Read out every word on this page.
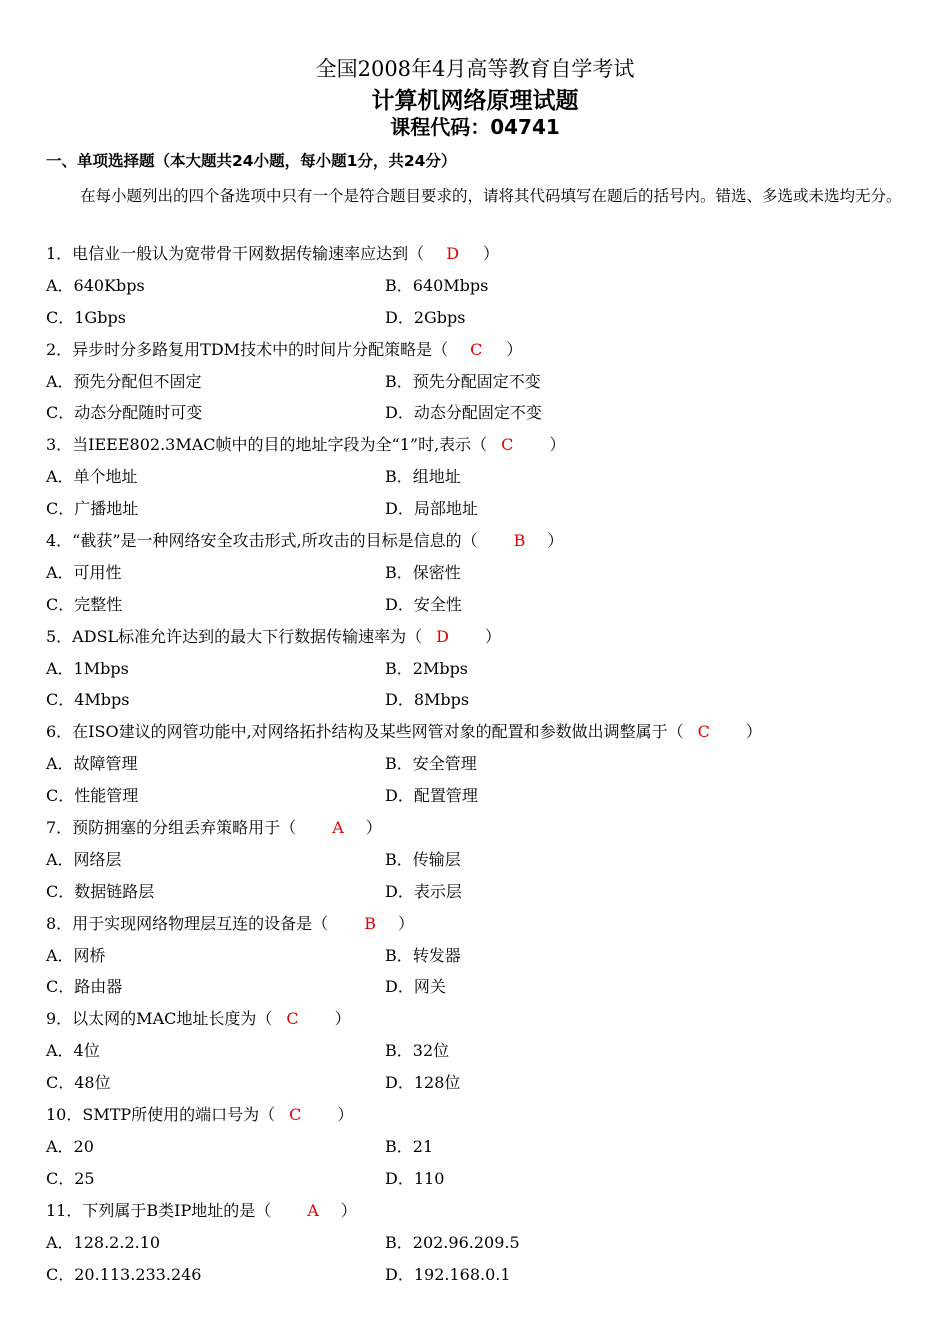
全国2008年4月高等教育自学考试
计算机网络原理试题
课程代码：04741
一、单项选择题（本大题共24小题，每小题1分，共24分）
在每小题列出的四个备选项中只有一个是符合题目要求的，请将其代码填写在题后的括号内。错选、多选或未选均无分。
1．电信业一般认为宽带骨干网数据传输速率应达到（ D ）
A．640Kbps	B．640Mbps
C．1Gbps	D．2Gbps
2．异步时分多路复用TDM技术中的时间片分配策略是（ C ）
A．预先分配但不固定	B．预先分配固定不变
C．动态分配随时可变	D．动态分配固定不变
3．当IEEE802.3MAC帧中的目的地址字段为全“1”时,表示（ C ）
A．单个地址	B．组地址
C．广播地址	D．局部地址
4．“截获”是一种网络安全攻击形式,所攻击的目标是信息的（ B ）
A．可用性	B．保密性
C．完整性	D．安全性
5．ADSL标准允许达到的最大下行数据传输速率为（ D ）
A．1Mbps	B．2Mbps
C．4Mbps	D．8Mbps
6．在ISO建议的网管功能中,对网络拓扑结构及某些网管对象的配置和参数做出调整属于（ C ）
A．故障管理	B．安全管理
C．性能管理	D．配置管理
7．预防拥塞的分组丢弃策略用于（ A ）
A．网络层	B．传输层
C．数据链路层	D．表示层
8．用于实现网络物理层互连的设备是（ B ）
A．网桥	B．转发器
C．路由器	D．网关
9．以太网的MAC地址长度为（ C ）
A．4位	B．32位
C．48位	D．128位
10．SMTP所使用的端口号为（ C ）
A．20	B．21
C．25	D．110
11．下列属于B类IP地址的是（ A ）
A．128.2.2.10	B．202.96.209.5
C．20.113.233.246	D．192.168.0.1
